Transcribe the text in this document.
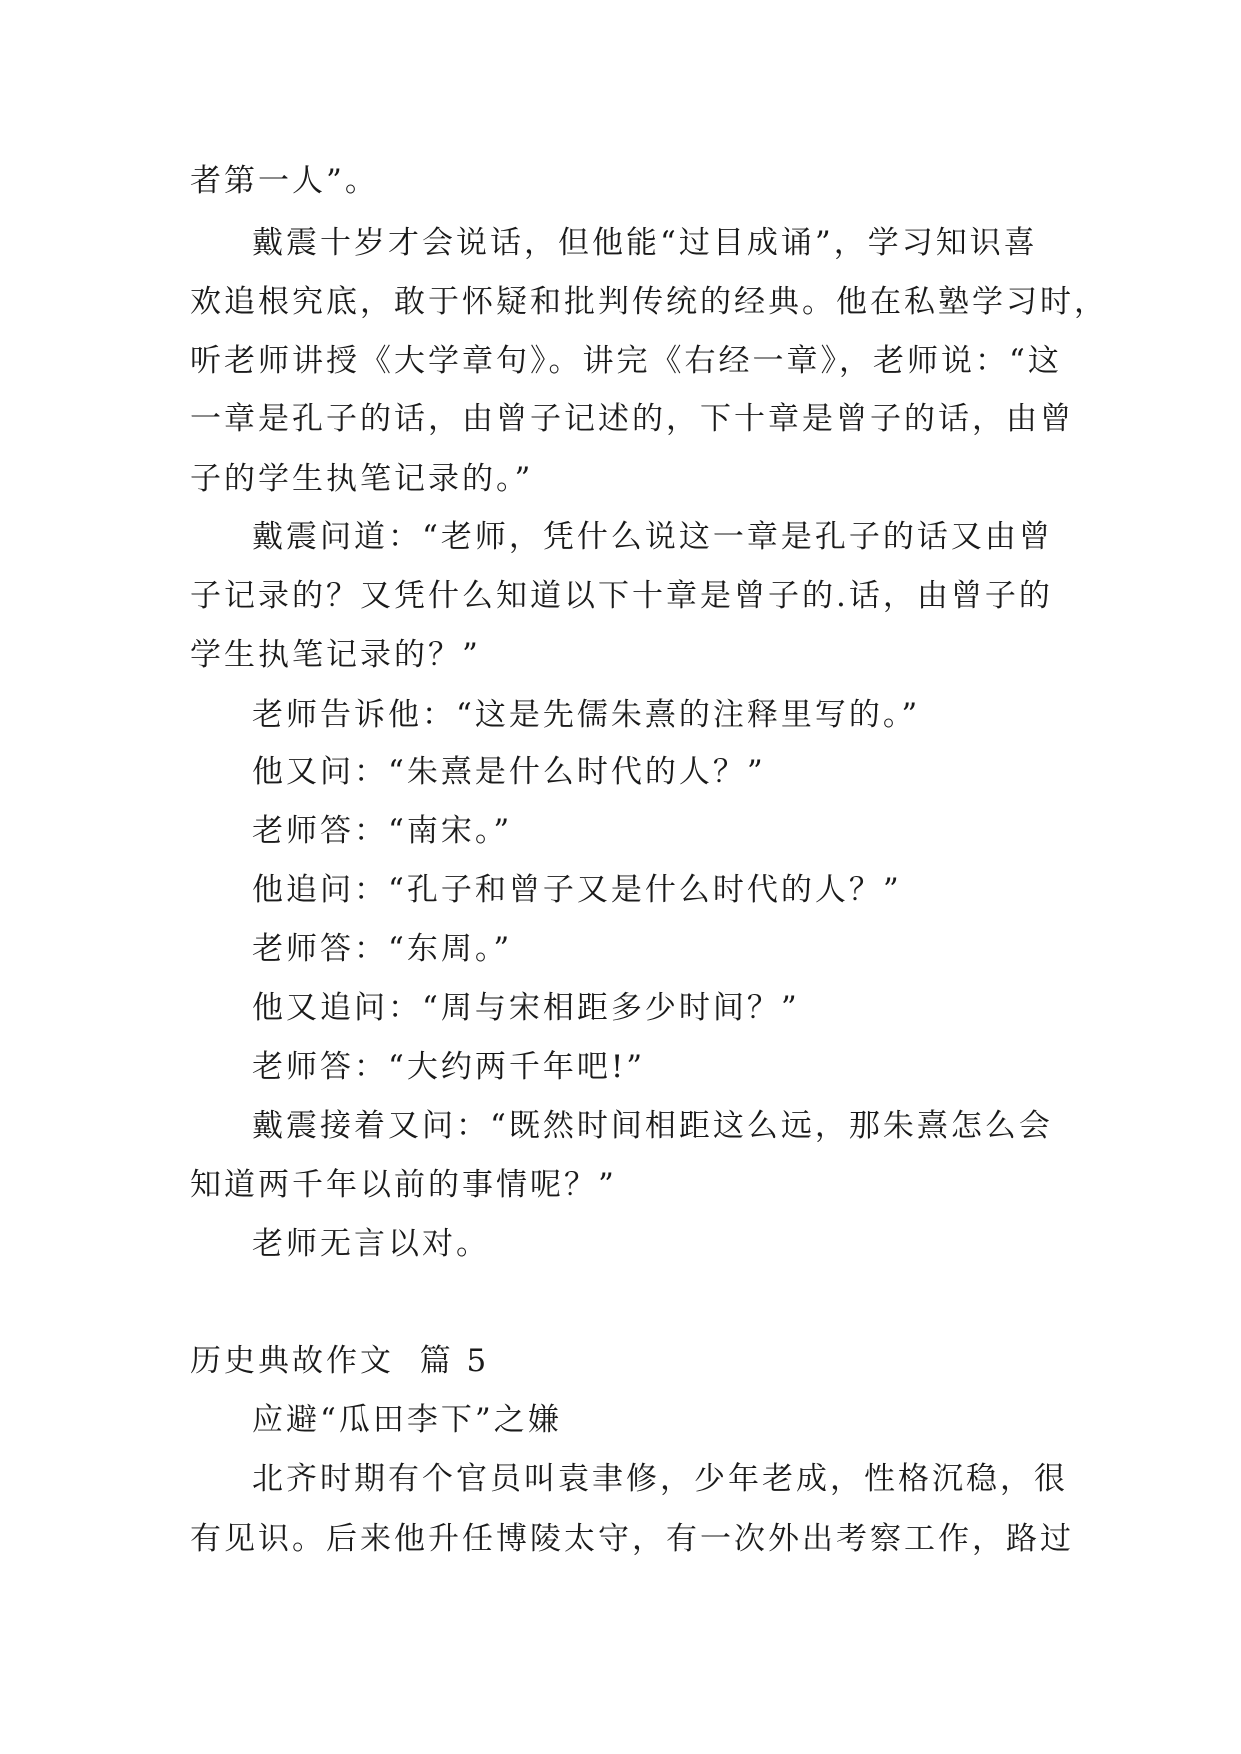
者第一人”。
戴震十岁才会说话，但他能“过目成诵”，学习知识喜
欢追根究底，敢于怀疑和批判传统的经典。他在私塾学习时，
听老师讲授《大学章句》。讲完《右经一章》，老师说：“这
一章是孔子的话，由曾子记述的，下十章是曾子的话，由曾
子的学生执笔记录的。”
戴震问道：“老师，凭什么说这一章是孔子的话又由曾
子记录的？又凭什么知道以下十章是曾子的.话，由曾子的
学生执笔记录的？”
老师告诉他：“这是先儒朱熹的注释里写的。”
他又问：“朱熹是什么时代的人？”
老师答：“南宋。”
他追问：“孔子和曾子又是什么时代的人？”
老师答：“东周。”
他又追问：“周与宋相距多少时间？”
老师答：“大约两千年吧!”
戴震接着又问：“既然时间相距这么远，那朱熹怎么会
知道两千年以前的事情呢？”
老师无言以对。
历史典故作文  篇 5
应避“瓜田李下”之嫌
北齐时期有个官员叫袁聿修，少年老成，性格沉稳，很
有见识。后来他升任博陵太守，有一次外出考察工作，路过
